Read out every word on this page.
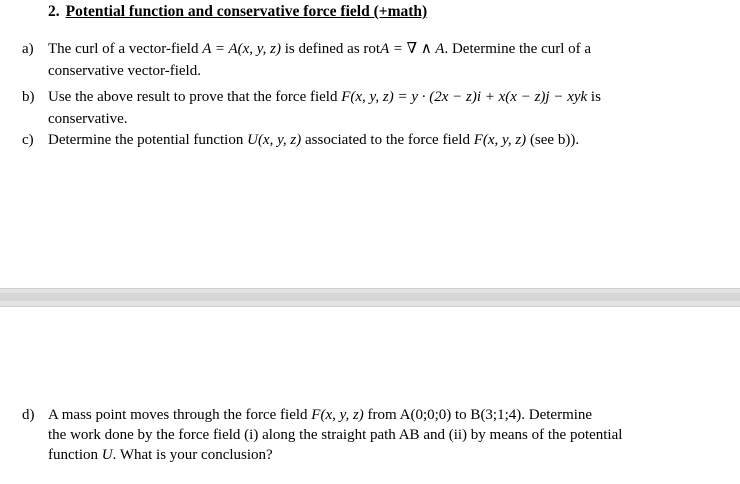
2. Potential function and conservative force field (+math)
a) The curl of a vector-field A = A(x, y, z) is defined as rotA = ∇ ∧ A. Determine the curl of a
conservative vector-field.
b) Use the above result to prove that the force field F(x, y, z) = y · (2x − z)i + x(x − z)j − xyk is
conservative.
c) Determine the potential function U(x, y, z) associated to the force field F(x, y, z) (see b)).
d) A mass point moves through the force field F(x, y, z) from A(0;0;0) to B(3;1;4). Determine
the work done by the force field (i) along the straight path AB and (ii) by means of the potential
function U. What is your conclusion?
